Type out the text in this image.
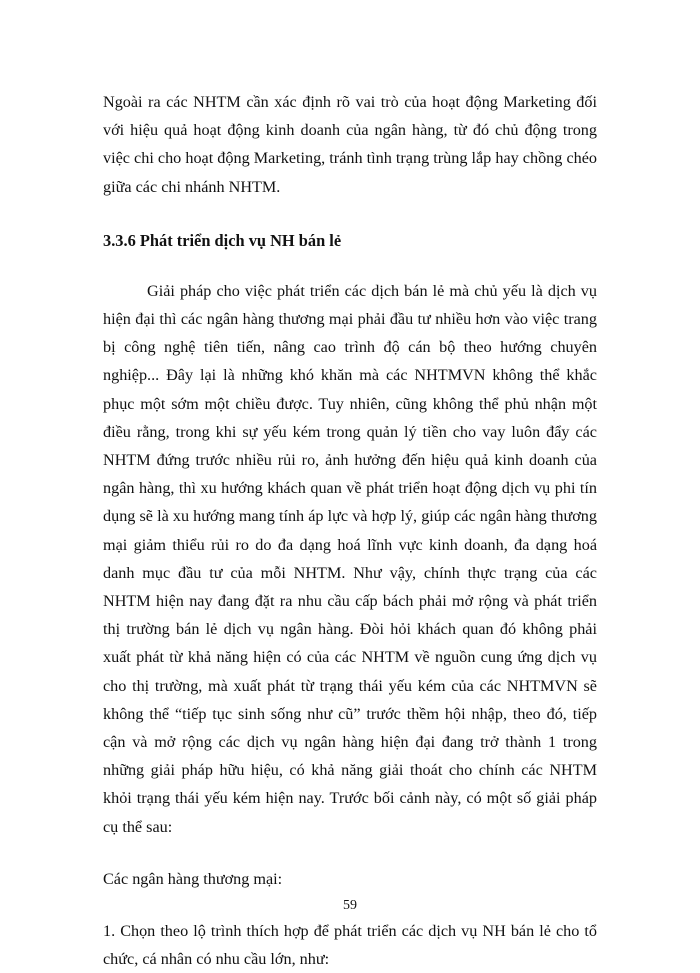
Ngoài ra các NHTM cần xác định rõ vai trò của hoạt động Marketing đối với hiệu quả hoạt động kinh doanh của ngân hàng, từ đó chủ động trong việc chi cho hoạt động Marketing, tránh tình trạng trùng lắp hay chồng chéo giữa các chi nhánh NHTM.

3.3.6 Phát triển dịch vụ NH bán lẻ

Giải pháp cho việc phát triển các dịch bán lẻ mà chủ yếu là dịch vụ hiện đại thì các ngân hàng thương mại phải đầu tư nhiều hơn vào việc trang bị công nghệ tiên tiến, nâng cao trình độ cán bộ theo hướng chuyên nghiệp... Đây lại là những khó khăn mà các NHTMVN không thể khắc phục một sớm một chiều được. Tuy nhiên, cũng không thể phủ nhận một điều rằng, trong khi sự yếu kém trong quản lý tiền cho vay luôn đẩy các NHTM đứng trước nhiều rủi ro, ảnh hưởng đến hiệu quả kinh doanh của ngân hàng, thì xu hướng khách quan về phát triển hoạt động dịch vụ phi tín dụng sẽ là xu hướng mang tính áp lực và hợp lý, giúp các ngân hàng thương mại giảm thiểu rủi ro do đa dạng hoá lĩnh vực kinh doanh, đa dạng hoá danh mục đầu tư của mỗi NHTM. Như vậy, chính thực trạng của các NHTM hiện nay đang đặt ra nhu cầu cấp bách phải mở rộng và phát triển thị trường bán lẻ dịch vụ ngân hàng. Đòi hỏi khách quan đó không phải xuất phát từ khả năng hiện có của các NHTM về nguồn cung ứng dịch vụ cho thị trường, mà xuất phát từ trạng thái yếu kém của các NHTMVN sẽ không thể “tiếp tục sinh sống như cũ” trước thềm hội nhập, theo đó, tiếp cận và mở rộng các dịch vụ ngân hàng hiện đại đang trở thành 1 trong những giải pháp hữu hiệu, có khả năng giải thoát cho chính các NHTM khỏi trạng thái yếu kém hiện nay. Trước bối cảnh này, có một số giải pháp cụ thể sau:

Các ngân hàng thương mại:

1. Chọn theo lộ trình thích hợp để phát triển các dịch vụ NH bán lẻ cho tổ chức, cá nhân có nhu cầu lớn, như:

59
